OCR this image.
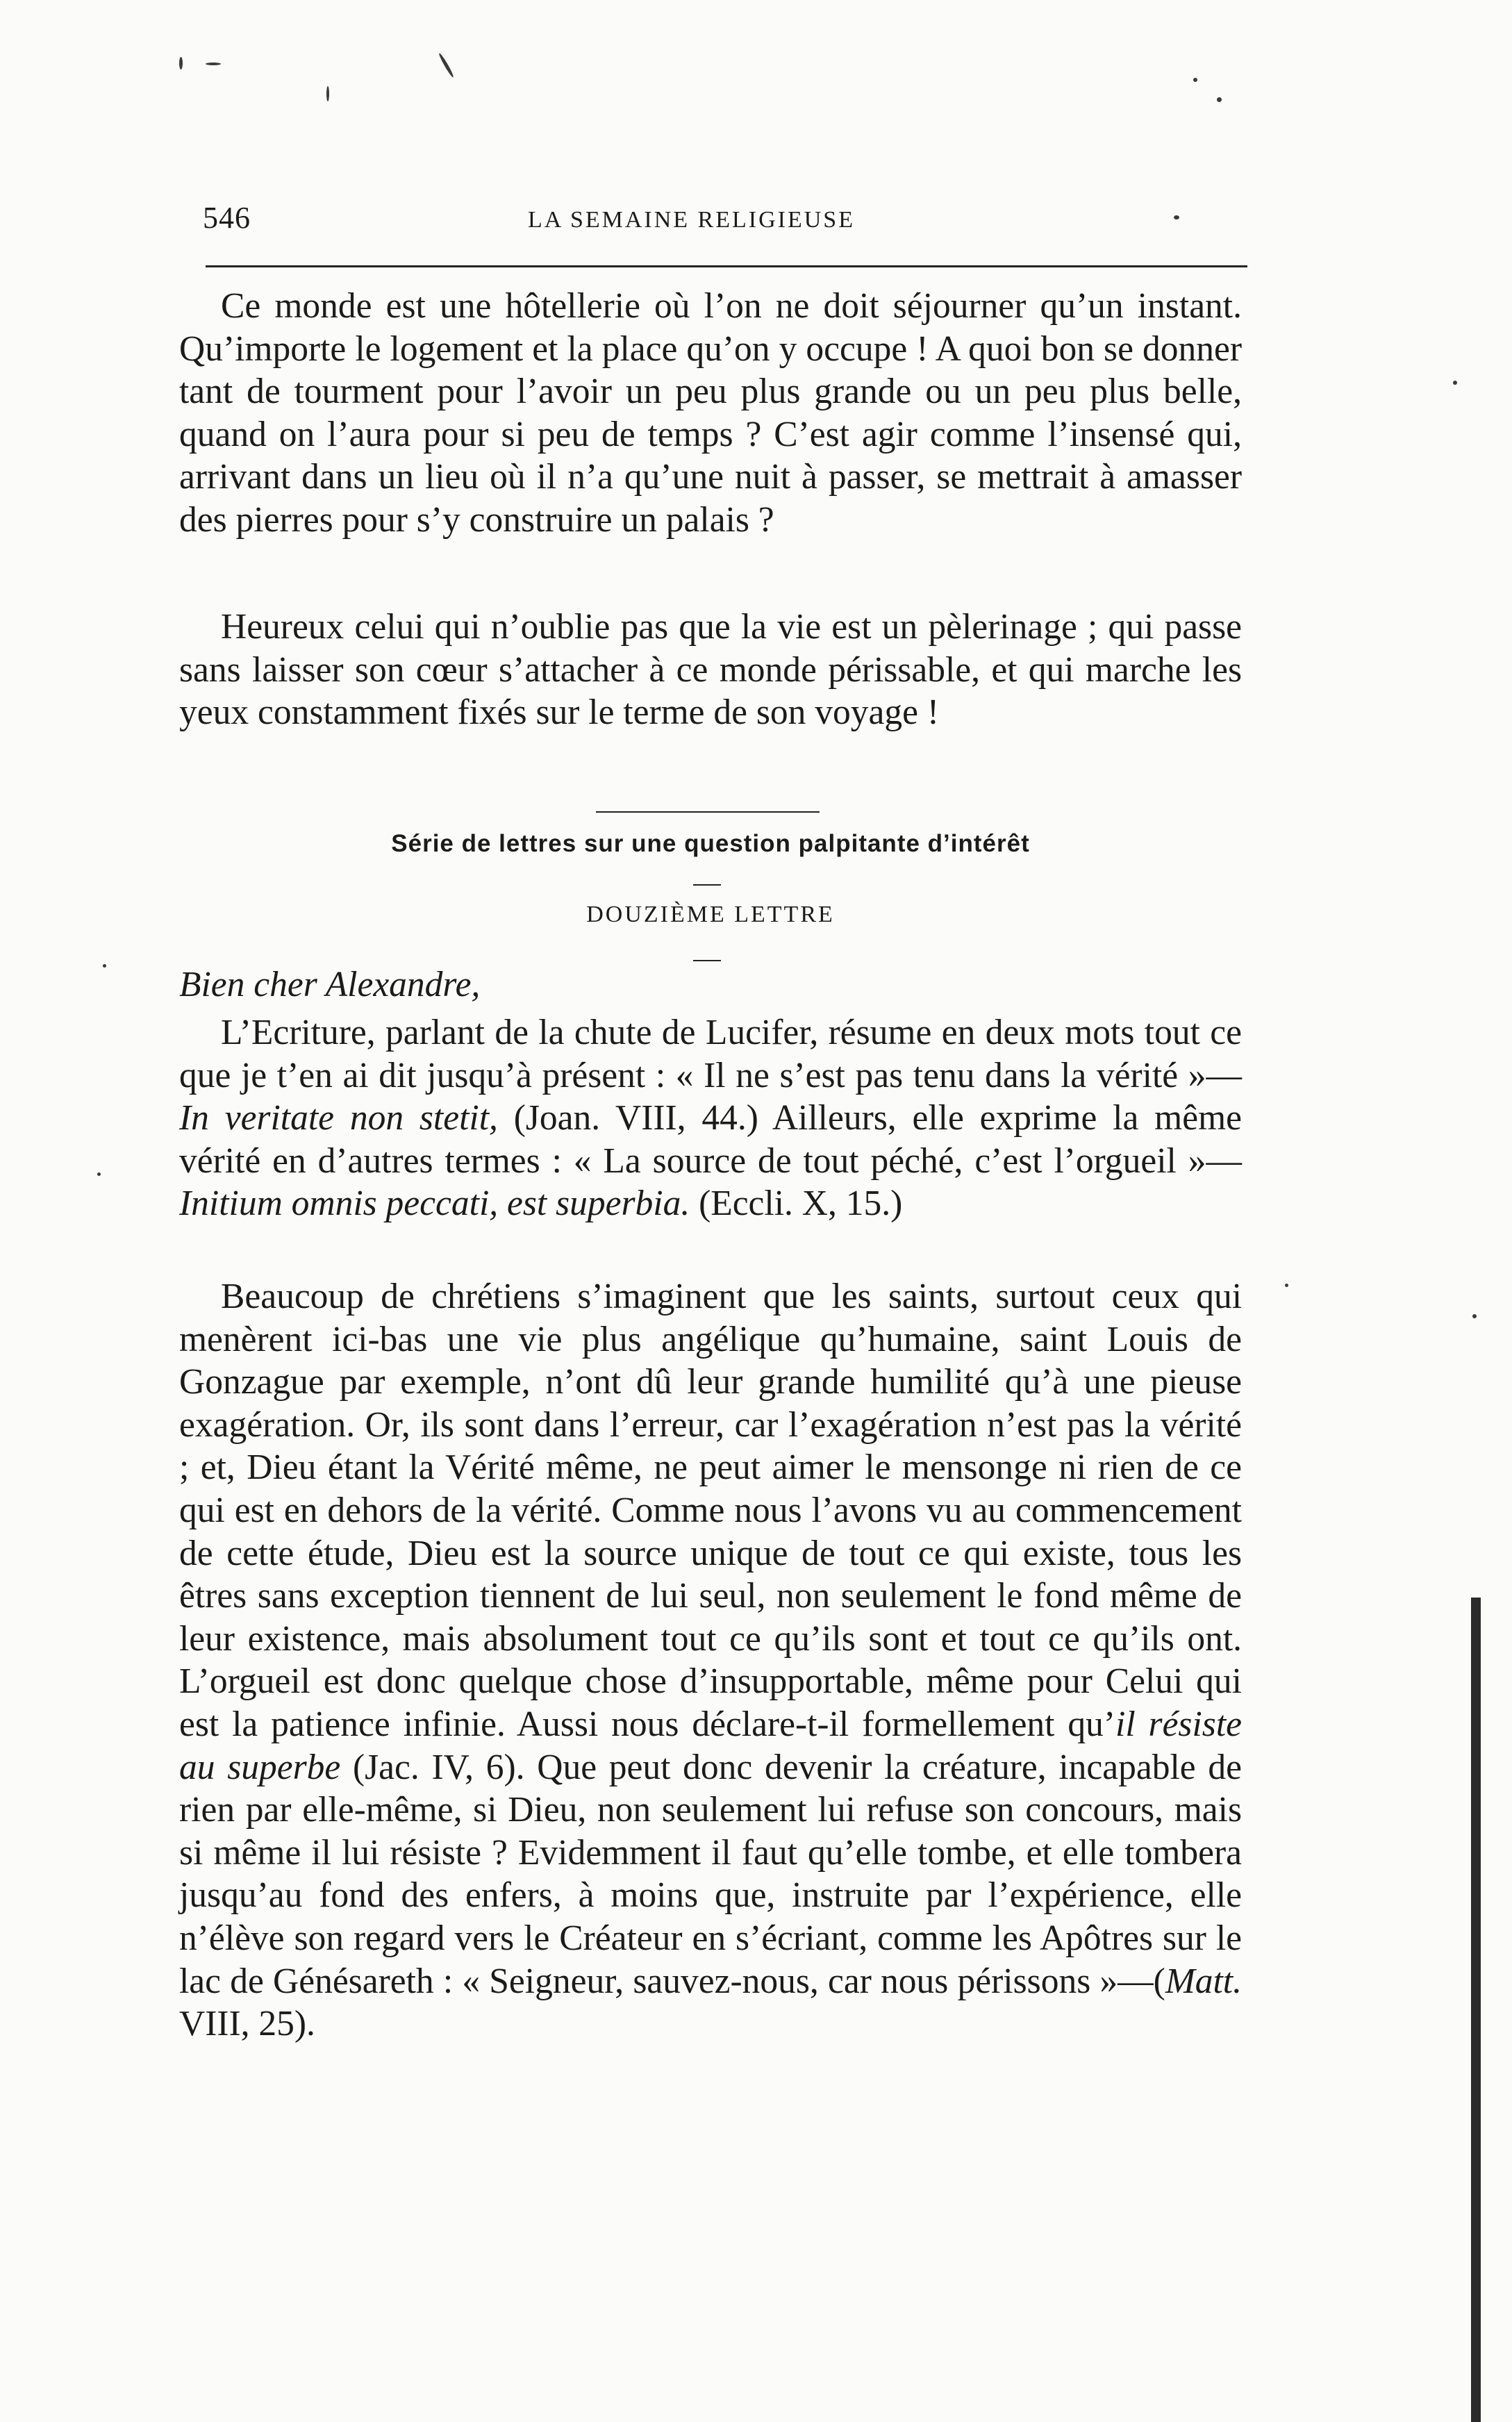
546	LA SEMAINE RELIGIEUSE

Ce monde est une hôtellerie où l’on ne doit séjourner qu’un instant. Qu’importe le logement et la place qu’on y occupe ! A quoi bon se donner tant de tourment pour l’avoir un peu plus grande ou un peu plus belle, quand on l’aura pour si peu de temps ? C’est agir comme l’insensé qui, arrivant dans un lieu où il n’a qu’une nuit à passer, se mettrait à amasser des pierres pour s’y construire un palais ?

Heureux celui qui n’oublie pas que la vie est un pèlerinage ; qui passe sans laisser son cœur s’attacher à ce monde périssable, et qui marche les yeux constamment fixés sur le terme de son voyage !

Série de lettres sur une question palpitante d’intérêt

DOUZIÈME LETTRE

Bien cher Alexandre,

L’Ecriture, parlant de la chute de Lucifer, résume en deux mots tout ce que je t’en ai dit jusqu’à présent : « Il ne s’est pas tenu dans la vérité »—In veritate non stetit, (Joan. VIII, 44.) Ailleurs, elle exprime la même vérité en d’autres termes : « La source de tout péché, c’est l’orgueil »— Initium omnis peccati, est superbia. (Eccli. X, 15.)

Beaucoup de chrétiens s’imaginent que les saints, surtout ceux qui menèrent ici-bas une vie plus angélique qu’humaine, saint Louis de Gonzague par exemple, n’ont dû leur grande humilité qu’à une pieuse exagération. Or, ils sont dans l’erreur, car l’exagération n’est pas la vérité ; et, Dieu étant la Vérité même, ne peut aimer le mensonge ni rien de ce qui est en dehors de la vérité. Comme nous l’avons vu au commencement de cette étude, Dieu est la source unique de tout ce qui existe, tous les êtres sans exception tiennent de lui seul, non seulement le fond même de leur existence, mais absolument tout ce qu’ils sont et tout ce qu’ils ont. L’orgueil est donc quelque chose d’insupportable, même pour Celui qui est la patience infinie. Aussi nous déclare-t-il formellement qu’il résiste au superbe (Jac. IV, 6). Que peut donc devenir la créature, incapable de rien par elle-même, si Dieu, non seulement lui refuse son concours, mais si même il lui résiste ? Evidemment il faut qu’elle tombe, et elle tombera jusqu’au fond des enfers, à moins que, instruite par l’expérience, elle n’élève son regard vers le Créateur en s’écriant, comme les Apôtres sur le lac de Génésareth : « Seigneur, sauvez-nous, car nous périssons »—(Matt. VIII, 25).
